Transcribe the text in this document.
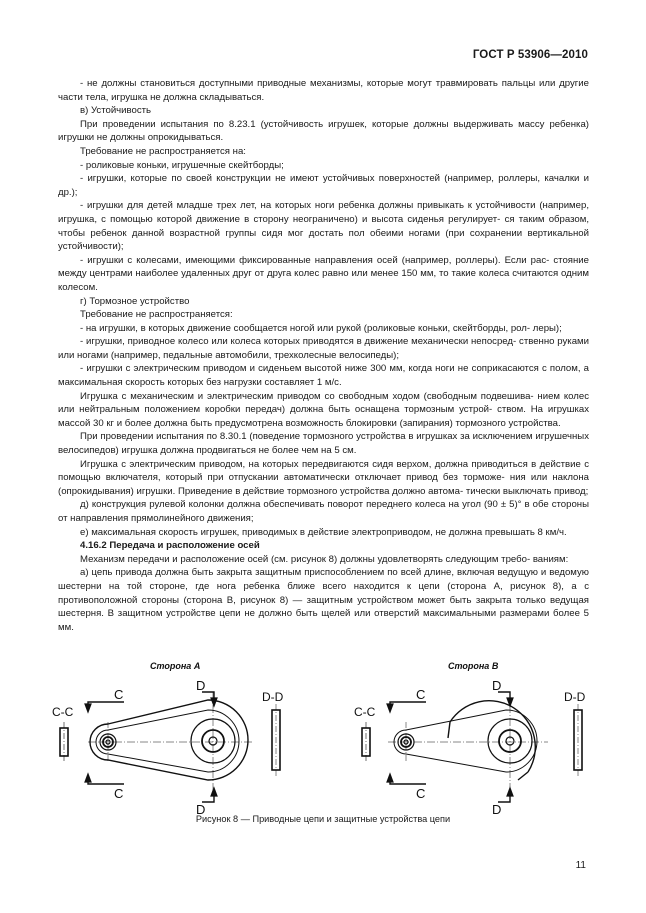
ГОСТ Р 53906—2010

- не должны становиться доступными приводные механизмы, которые могут травмировать пальцы или другие части тела, игрушка не должна складываться.

в) Устойчивость

При проведении испытания по 8.23.1 (устойчивость игрушек, которые должны выдерживать массу ребенка) игрушки не должны опрокидываться.

Требование не распространяется на:

- роликовые коньки, игрушечные скейтборды;

- игрушки, которые по своей конструкции не имеют устойчивых поверхностей (например, роллеры, качалки и др.);

- игрушки для детей младше трех лет, на которых ноги ребенка должны привыкать к устойчивости (например, игрушка, с помощью которой движение в сторону неограничено) и высота сиденья регулирует- ся таким образом, чтобы ребенок данной возрастной группы сидя мог достать пол обеими ногами (при сохранении вертикальной устойчивости);

- игрушки с колесами, имеющими фиксированные направления осей (например, роллеры). Если рас- стояние между центрами наиболее удаленных друг от друга колес равно или менее 150 мм, то такие колеса считаются одним колесом.

г) Тормозное устройство

Требование не распространяется:

- на игрушки, в которых движение сообщается ногой или рукой (роликовые коньки, скейтборды, рол- леры);

- игрушки, приводное колесо или колеса которых приводятся в движение механически непосред- ственно руками или ногами (например, педальные автомобили, трехколесные велосипеды);

- игрушки с электрическим приводом и сиденьем высотой ниже 300 мм, когда ноги не соприкасаются с полом, а максимальная скорость которых без нагрузки составляет 1 м/с.

Игрушка с механическим и электрическим приводом со свободным ходом (свободным подвешива- нием колес или нейтральным положением коробки передач) должна быть оснащена тормозным устрой- ством. На игрушках массой 30 кг и более должна быть предусмотрена возможность блокировки (запирания) тормозного устройства.

При проведении испытания по 8.30.1 (поведение тормозного устройства в игрушках за исключением игрушечных велосипедов) игрушка должна продвигаться не более чем на 5 см.

Игрушка с электрическим приводом, на которых передвигаются сидя верхом, должна приводиться в действие с помощью включателя, который при отпускании автоматически отключает привод без торможе- ния или наклона (опрокидывания) игрушки. Приведение в действие тормозного устройства должно автома- тически выключать привод;

д) конструкция рулевой колонки должна обеспечивать поворот переднего колеса на угол (90 ± 5)° в обе стороны от направления прямолинейного движения;

е) максимальная скорость игрушек, приводимых в действие электроприводом, не должна превышать 8 км/ч.

4.16.2 Передача и расположение осей

Механизм передачи и расположение осей (см. рисунок 8) должны удовлетворять следующим требо- ваниям:

а) цепь привода должна быть закрыта защитным приспособлением по всей длине, включая ведущую и ведомую шестерни на той стороне, где нога ребенка ближе всего находится к цепи (сторона А, рисунок 8), а с противоположной стороны (сторона В, рисунок 8) — защитным устройством может быть закрыта только ведущая шестерня. В защитном устройстве цепи не должно быть щелей или отверстий максимальными размерами более 5 мм.

Сторона А	Сторона В
C
C
D
D
C-C
D-D	C
C
D
D
C-C
D-D
Рисунок 8 — Приводные цепи и защитные устройства цепи
11
